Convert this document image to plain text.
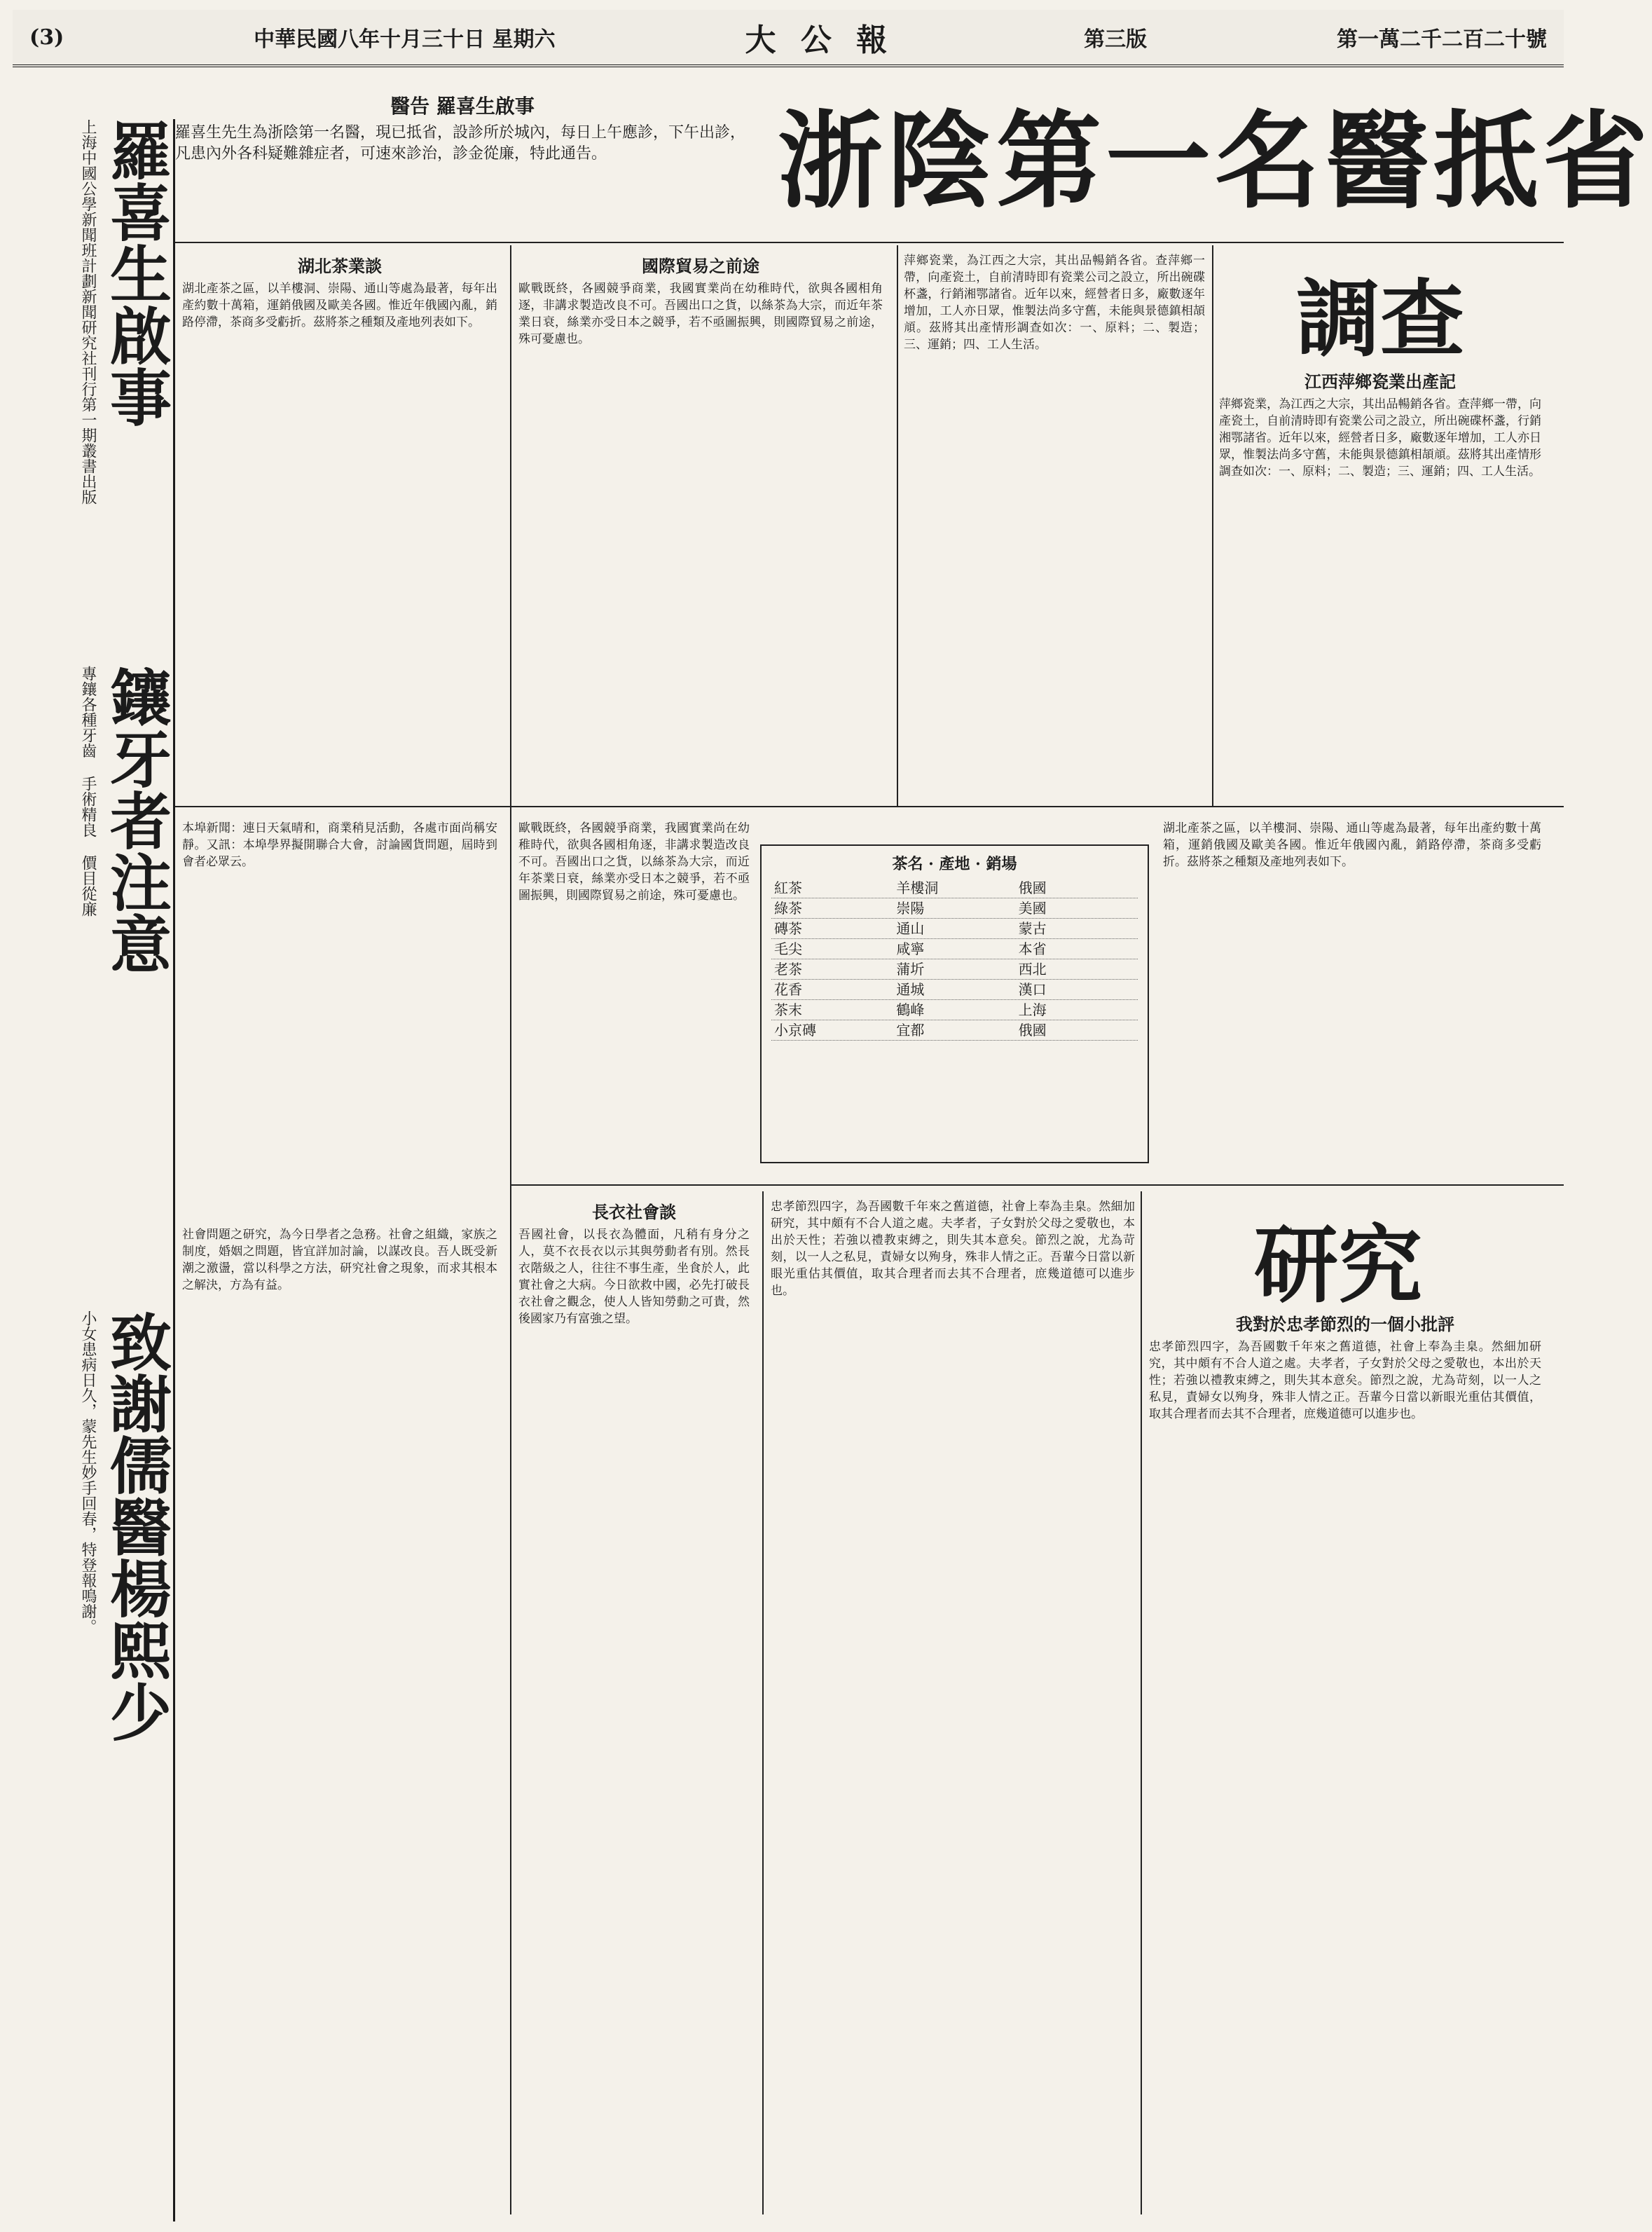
(3)	中華民國八年十月三十日 星期六	大 公 報	第三版	第一萬二千二百二十號
羅喜生啟事
上海中國公學新聞班計劃新聞研究社刊行第一期叢書出版
鑲牙者注意
專鑲各種牙齒 手術精良 價目從廉
致謝儒醫楊熙少
小女患病日久，蒙先生妙手回春，特登報鳴謝。
醫告 羅喜生啟事
羅喜生先生為浙陰第一名醫，現已抵省，設診所於城內，每日上午應診，下午出診，凡患內外各科疑難雜症者，可速來診治，診金從廉，特此通告。	浙陰第一名醫抵省
調查
江西萍鄉瓷業出產記
萍鄉瓷業，為江西之大宗，其出品暢銷各省。查萍鄉一帶，向產瓷土，自前清時即有瓷業公司之設立，所出碗碟杯盞，行銷湘鄂諸省。近年以來，經營者日多，廠數逐年增加，工人亦日眾，惟製法尚多守舊，未能與景德鎮相頡頏。茲將其出產情形調查如次：一、原料；二、製造；三、運銷；四、工人生活。
萍鄉瓷業，為江西之大宗，其出品暢銷各省。查萍鄉一帶，向產瓷土，自前清時即有瓷業公司之設立，所出碗碟杯盞，行銷湘鄂諸省。近年以來，經營者日多，廠數逐年增加，工人亦日眾，惟製法尚多守舊，未能與景德鎮相頡頏。茲將其出產情形調查如次：一、原料；二、製造；三、運銷；四、工人生活。
國際貿易之前途
歐戰既終，各國競爭商業，我國實業尚在幼稚時代，欲與各國相角逐，非講求製造改良不可。吾國出口之貨，以絲茶為大宗，而近年茶業日衰，絲業亦受日本之競爭，若不亟圖振興，則國際貿易之前途，殊可憂慮也。
湖北茶業談
湖北產茶之區，以羊樓洞、崇陽、通山等處為最著，每年出產約數十萬箱，運銷俄國及歐美各國。惟近年俄國內亂，銷路停滯，茶商多受虧折。茲將茶之種類及產地列表如下。
湖北產茶之區，以羊樓洞、崇陽、通山等處為最著，每年出產約數十萬箱，運銷俄國及歐美各國。惟近年俄國內亂，銷路停滯，茶商多受虧折。茲將茶之種類及產地列表如下。
茶名 · 產地 · 銷場
紅茶	羊樓洞	俄國
綠茶	崇陽	美國
磚茶	通山	蒙古
毛尖	咸寧	本省
老茶	蒲圻	西北
花香	通城	漢口
茶末	鶴峰	上海
小京磚	宜都	俄國
歐戰既終，各國競爭商業，我國實業尚在幼稚時代，欲與各國相角逐，非講求製造改良不可。吾國出口之貨，以絲茶為大宗，而近年茶業日衰，絲業亦受日本之競爭，若不亟圖振興，則國際貿易之前途，殊可憂慮也。
本埠新聞：連日天氣晴和，商業稍見活動，各處市面尚稱安靜。又訊：本埠學界擬開聯合大會，討論國貨問題，屆時到會者必眾云。
研究
我對於忠孝節烈的一個小批評
忠孝節烈四字，為吾國數千年來之舊道德，社會上奉為圭臬。然細加研究，其中頗有不合人道之處。夫孝者，子女對於父母之愛敬也，本出於天性；若強以禮教束縛之，則失其本意矣。節烈之說，尤為苛刻，以一人之私見，責婦女以殉身，殊非人情之正。吾輩今日當以新眼光重估其價值，取其合理者而去其不合理者，庶幾道德可以進步也。
忠孝節烈四字，為吾國數千年來之舊道德，社會上奉為圭臬。然細加研究，其中頗有不合人道之處。夫孝者，子女對於父母之愛敬也，本出於天性；若強以禮教束縛之，則失其本意矣。節烈之說，尤為苛刻，以一人之私見，責婦女以殉身，殊非人情之正。吾輩今日當以新眼光重估其價值，取其合理者而去其不合理者，庶幾道德可以進步也。
長衣社會談
吾國社會，以長衣為體面，凡稍有身分之人，莫不衣長衣以示其與勞動者有別。然長衣階級之人，往往不事生產，坐食於人，此實社會之大病。今日欲救中國，必先打破長衣社會之觀念，使人人皆知勞動之可貴，然後國家乃有富強之望。
社會問題之研究，為今日學者之急務。社會之組織，家族之制度，婚姻之問題，皆宜詳加討論，以謀改良。吾人既受新潮之激盪，當以科學之方法，研究社會之現象，而求其根本之解決，方為有益。
